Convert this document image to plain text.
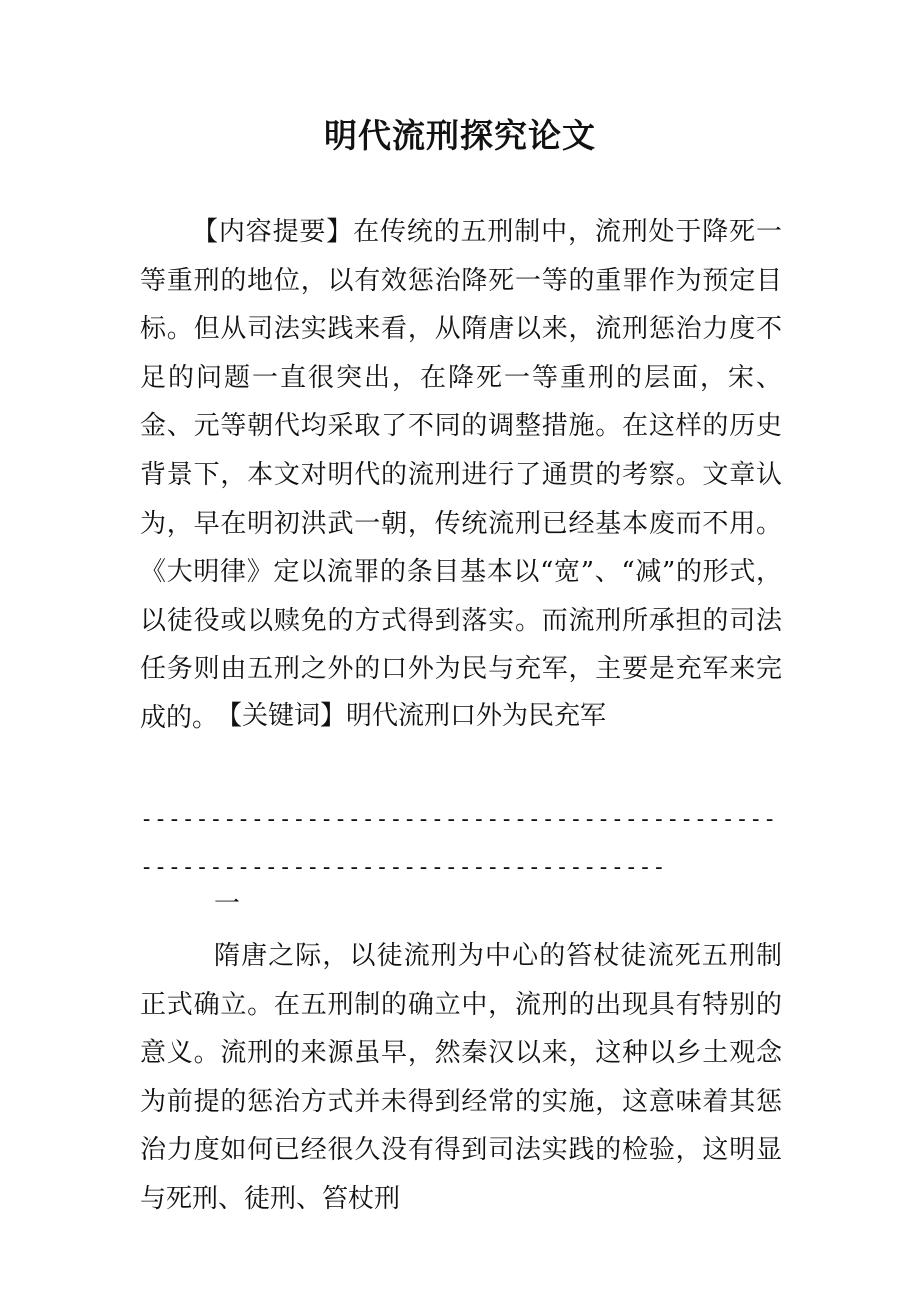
明代流刑探究论文

【内容提要】在传统的五刑制中，流刑处于降死一等重刑的地位，以有效惩治降死一等的重罪作为预定目标。但从司法实践来看，从隋唐以来，流刑惩治力度不足的问题一直很突出，在降死一等重刑的层面，宋、金、元等朝代均采取了不同的调整措施。在这样的历史背景下，本文对明代的流刑进行了通贯的考察。文章认为，早在明初洪武一朝，传统流刑已经基本废而不用。《大明律》定以流罪的条目基本以“宽”、“减”的形式，以徒役或以赎免的方式得到落实。而流刑所承担的司法任务则由五刑之外的口外为民与充军，主要是充军来完成的。

【关键词】明代流刑口外为民充军

------------------------------------------------------------------------------------
一

隋唐之际，以徒流刑为中心的笞杖徒流死五刑制正式确立。在五刑制的确立中，流刑的出现具有特别的意义。流刑的来源虽早，然秦汉以来，这种以乡土观念为前提的惩治方式并未得到经常的实施，这意味着其惩治力度如何已经很久没有得到司法实践的检验，这明显与死刑、徒刑、笞杖刑
